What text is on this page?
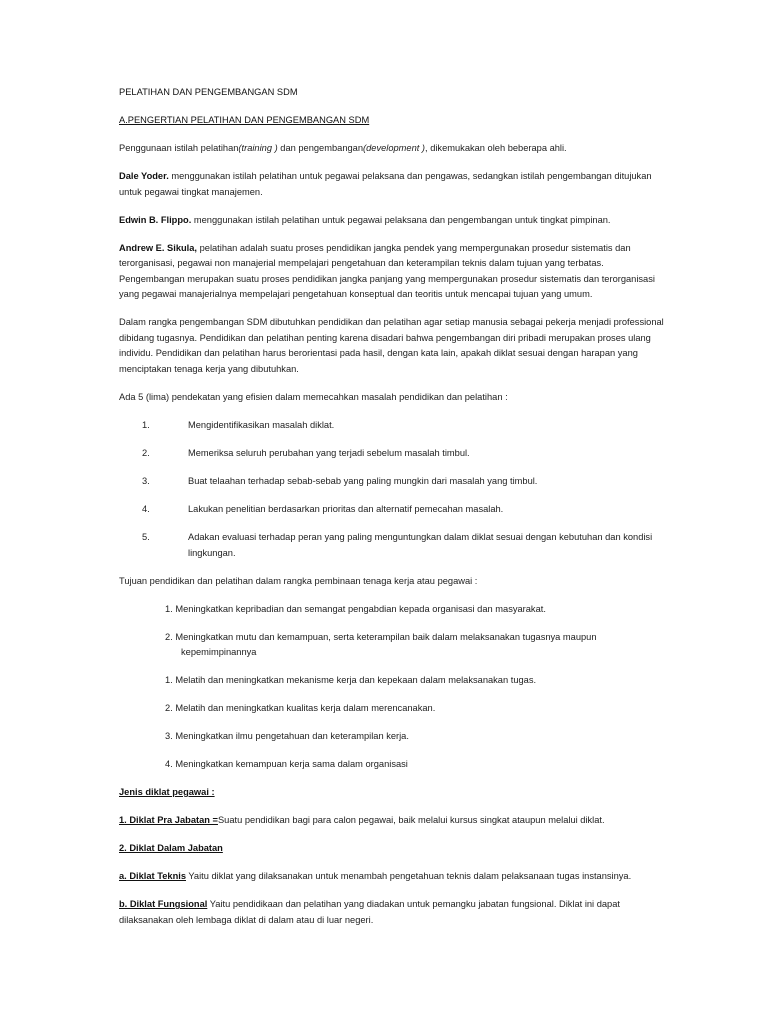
PELATIHAN DAN PENGEMBANGAN SDM

A.PENGERTIAN PELATIHAN DAN PENGEMBANGAN SDM

Penggunaan istilah pelatihan(training ) dan pengembangan(development ), dikemukakan oleh beberapa ahli.

Dale Yoder. menggunakan istilah pelatihan untuk pegawai pelaksana dan pengawas, sedangkan istilah pengembangan ditujukan untuk pegawai tingkat manajemen.

Edwin B. Flippo. menggunakan istilah pelatihan untuk pegawai pelaksana dan pengembangan untuk tingkat pimpinan.

Andrew E. Sikula, pelatihan adalah suatu proses pendidikan jangka pendek yang mempergunakan prosedur sistematis dan terorganisasi, pegawai non manajerial mempelajari pengetahuan dan keterampilan teknis dalam tujuan yang terbatas. Pengembangan merupakan suatu proses pendidikan jangka panjang yang mempergunakan prosedur sistematis dan terorganisasi yang pegawai manajerialnya mempelajari pengetahuan konseptual dan teoritis untuk mencapai tujuan yang umum.

Dalam rangka pengembangan SDM dibutuhkan pendidikan dan pelatihan agar setiap manusia sebagai pekerja menjadi professional dibidang tugasnya. Pendidikan dan pelatihan penting karena disadari bahwa pengembangan diri pribadi merupakan proses ulang individu. Pendidikan dan pelatihan harus berorientasi pada hasil, dengan kata lain, apakah diklat sesuai dengan harapan yang menciptakan tenaga kerja yang dibutuhkan.

Ada 5 (lima) pendekatan yang efisien dalam memecahkan masalah pendidikan dan pelatihan :

1.	Mengidentifikasikan masalah diklat.
2.	Memeriksa seluruh perubahan yang terjadi sebelum masalah timbul.
3.	Buat telaahan terhadap sebab-sebab yang paling mungkin dari masalah yang timbul.
4.	Lakukan penelitian berdasarkan prioritas dan alternatif pemecahan masalah.
5.	Adakan evaluasi terhadap peran yang paling menguntungkan dalam diklat sesuai dengan kebutuhan dan kondisi lingkungan.

Tujuan pendidikan dan pelatihan dalam rangka pembinaan tenaga kerja atau pegawai :

1. Meningkatkan kepribadian dan semangat pengabdian kepada organisasi dan masyarakat.
2. Meningkatkan mutu dan kemampuan, serta keterampilan baik dalam melaksanakan tugasnya maupun
kepemimpinannya
1. Melatih dan meningkatkan mekanisme kerja dan kepekaan dalam melaksanakan tugas.
2. Melatih dan meningkatkan kualitas kerja dalam merencanakan.
3. Meningkatkan ilmu pengetahuan dan keterampilan kerja.
4. Meningkatkan kemampuan kerja sama dalam organisasi

Jenis diklat pegawai :

1. Diklat Pra Jabatan =Suatu pendidikan bagi para calon pegawai, baik melalui kursus singkat ataupun melalui diklat.

2. Diklat Dalam Jabatan

a. Diklat Teknis Yaitu diklat yang dilaksanakan untuk menambah pengetahuan teknis dalam pelaksanaan tugas instansinya.

b. Diklat Fungsional Yaitu pendidikaan dan pelatihan yang diadakan untuk pemangku jabatan fungsional. Diklat ini dapat dilaksanakan oleh lembaga diklat di dalam atau di luar negeri.
